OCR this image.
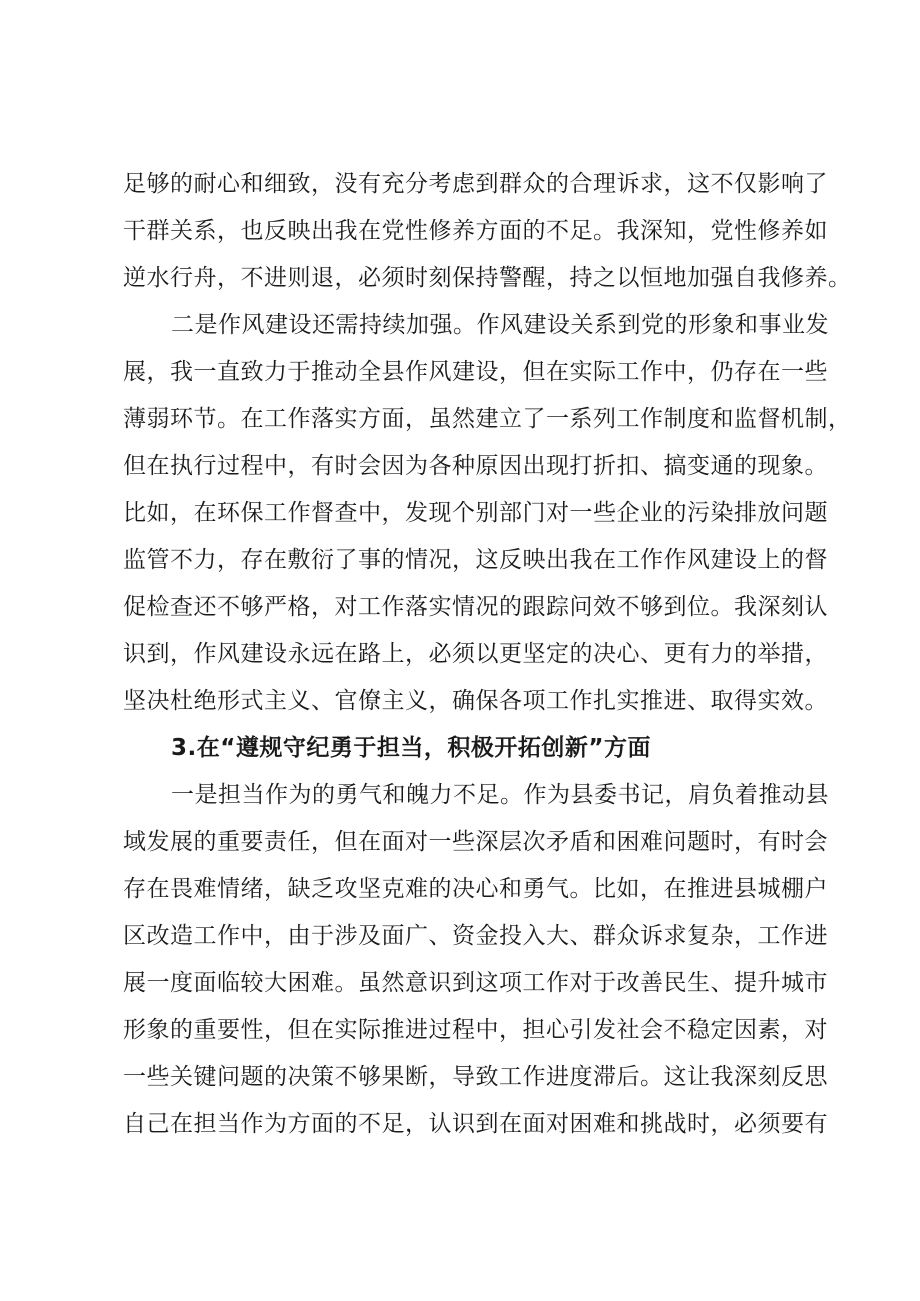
足够的耐心和细致，没有充分考虑到群众的合理诉求，这不仅影响了
干群关系，也反映出我在党性修养方面的不足。我深知，党性修养如
逆水行舟，不进则退，必须时刻保持警醒，持之以恒地加强自我修养。
二是作风建设还需持续加强。作风建设关系到党的形象和事业发
展，我一直致力于推动全县作风建设，但在实际工作中，仍存在一些
薄弱环节。在工作落实方面，虽然建立了一系列工作制度和监督机制，
但在执行过程中，有时会因为各种原因出现打折扣、搞变通的现象。
比如，在环保工作督查中，发现个别部门对一些企业的污染排放问题
监管不力，存在敷衍了事的情况，这反映出我在工作作风建设上的督
促检查还不够严格，对工作落实情况的跟踪问效不够到位。我深刻认
识到，作风建设永远在路上，必须以更坚定的决心、更有力的举措，
坚决杜绝形式主义、官僚主义，确保各项工作扎实推进、取得实效。
3.在“遵规守纪勇于担当，积极开拓创新”方面
一是担当作为的勇气和魄力不足。作为县委书记，肩负着推动县
域发展的重要责任，但在面对一些深层次矛盾和困难问题时，有时会
存在畏难情绪，缺乏攻坚克难的决心和勇气。比如，在推进县城棚户
区改造工作中，由于涉及面广、资金投入大、群众诉求复杂，工作进
展一度面临较大困难。虽然意识到这项工作对于改善民生、提升城市
形象的重要性，但在实际推进过程中，担心引发社会不稳定因素，对
一些关键问题的决策不够果断，导致工作进度滞后。这让我深刻反思
自己在担当作为方面的不足，认识到在面对困难和挑战时，必须要有
